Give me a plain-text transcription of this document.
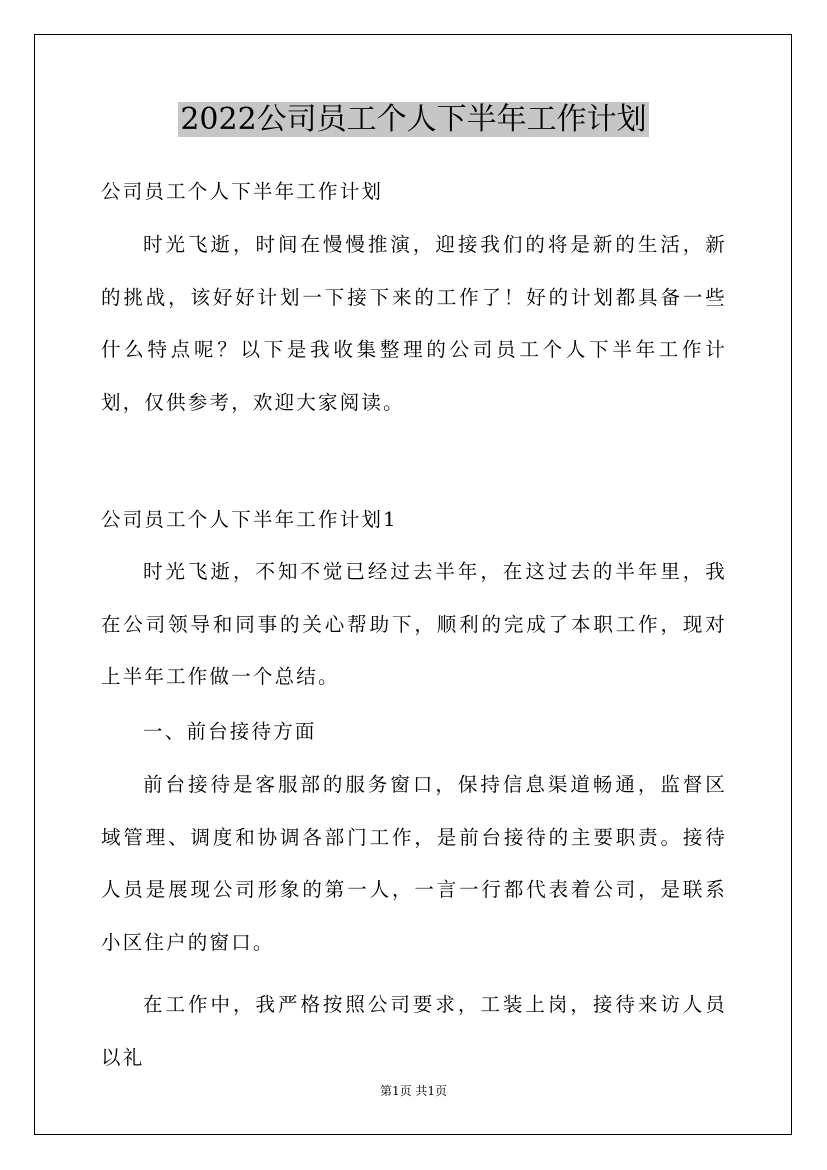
2022公司员工个人下半年工作计划

公司员工个人下半年工作计划

时光飞逝，时间在慢慢推演，迎接我们的将是新的生活，新的挑战，该好好计划一下接下来的工作了！好的计划都具备一些什么特点呢？以下是我收集整理的公司员工个人下半年工作计划，仅供参考，欢迎大家阅读。

公司员工个人下半年工作计划1

时光飞逝，不知不觉已经过去半年，在这过去的半年里，我在公司领导和同事的关心帮助下，顺利的完成了本职工作，现对上半年工作做一个总结。

一、前台接待方面

前台接待是客服部的服务窗口，保持信息渠道畅通，监督区域管理、调度和协调各部门工作，是前台接待的主要职责。接待人员是展现公司形象的第一人，一言一行都代表着公司，是联系小区住户的窗口。

在工作中，我严格按照公司要求，工装上岗，接待来访人员以礼

第1页 共1页
